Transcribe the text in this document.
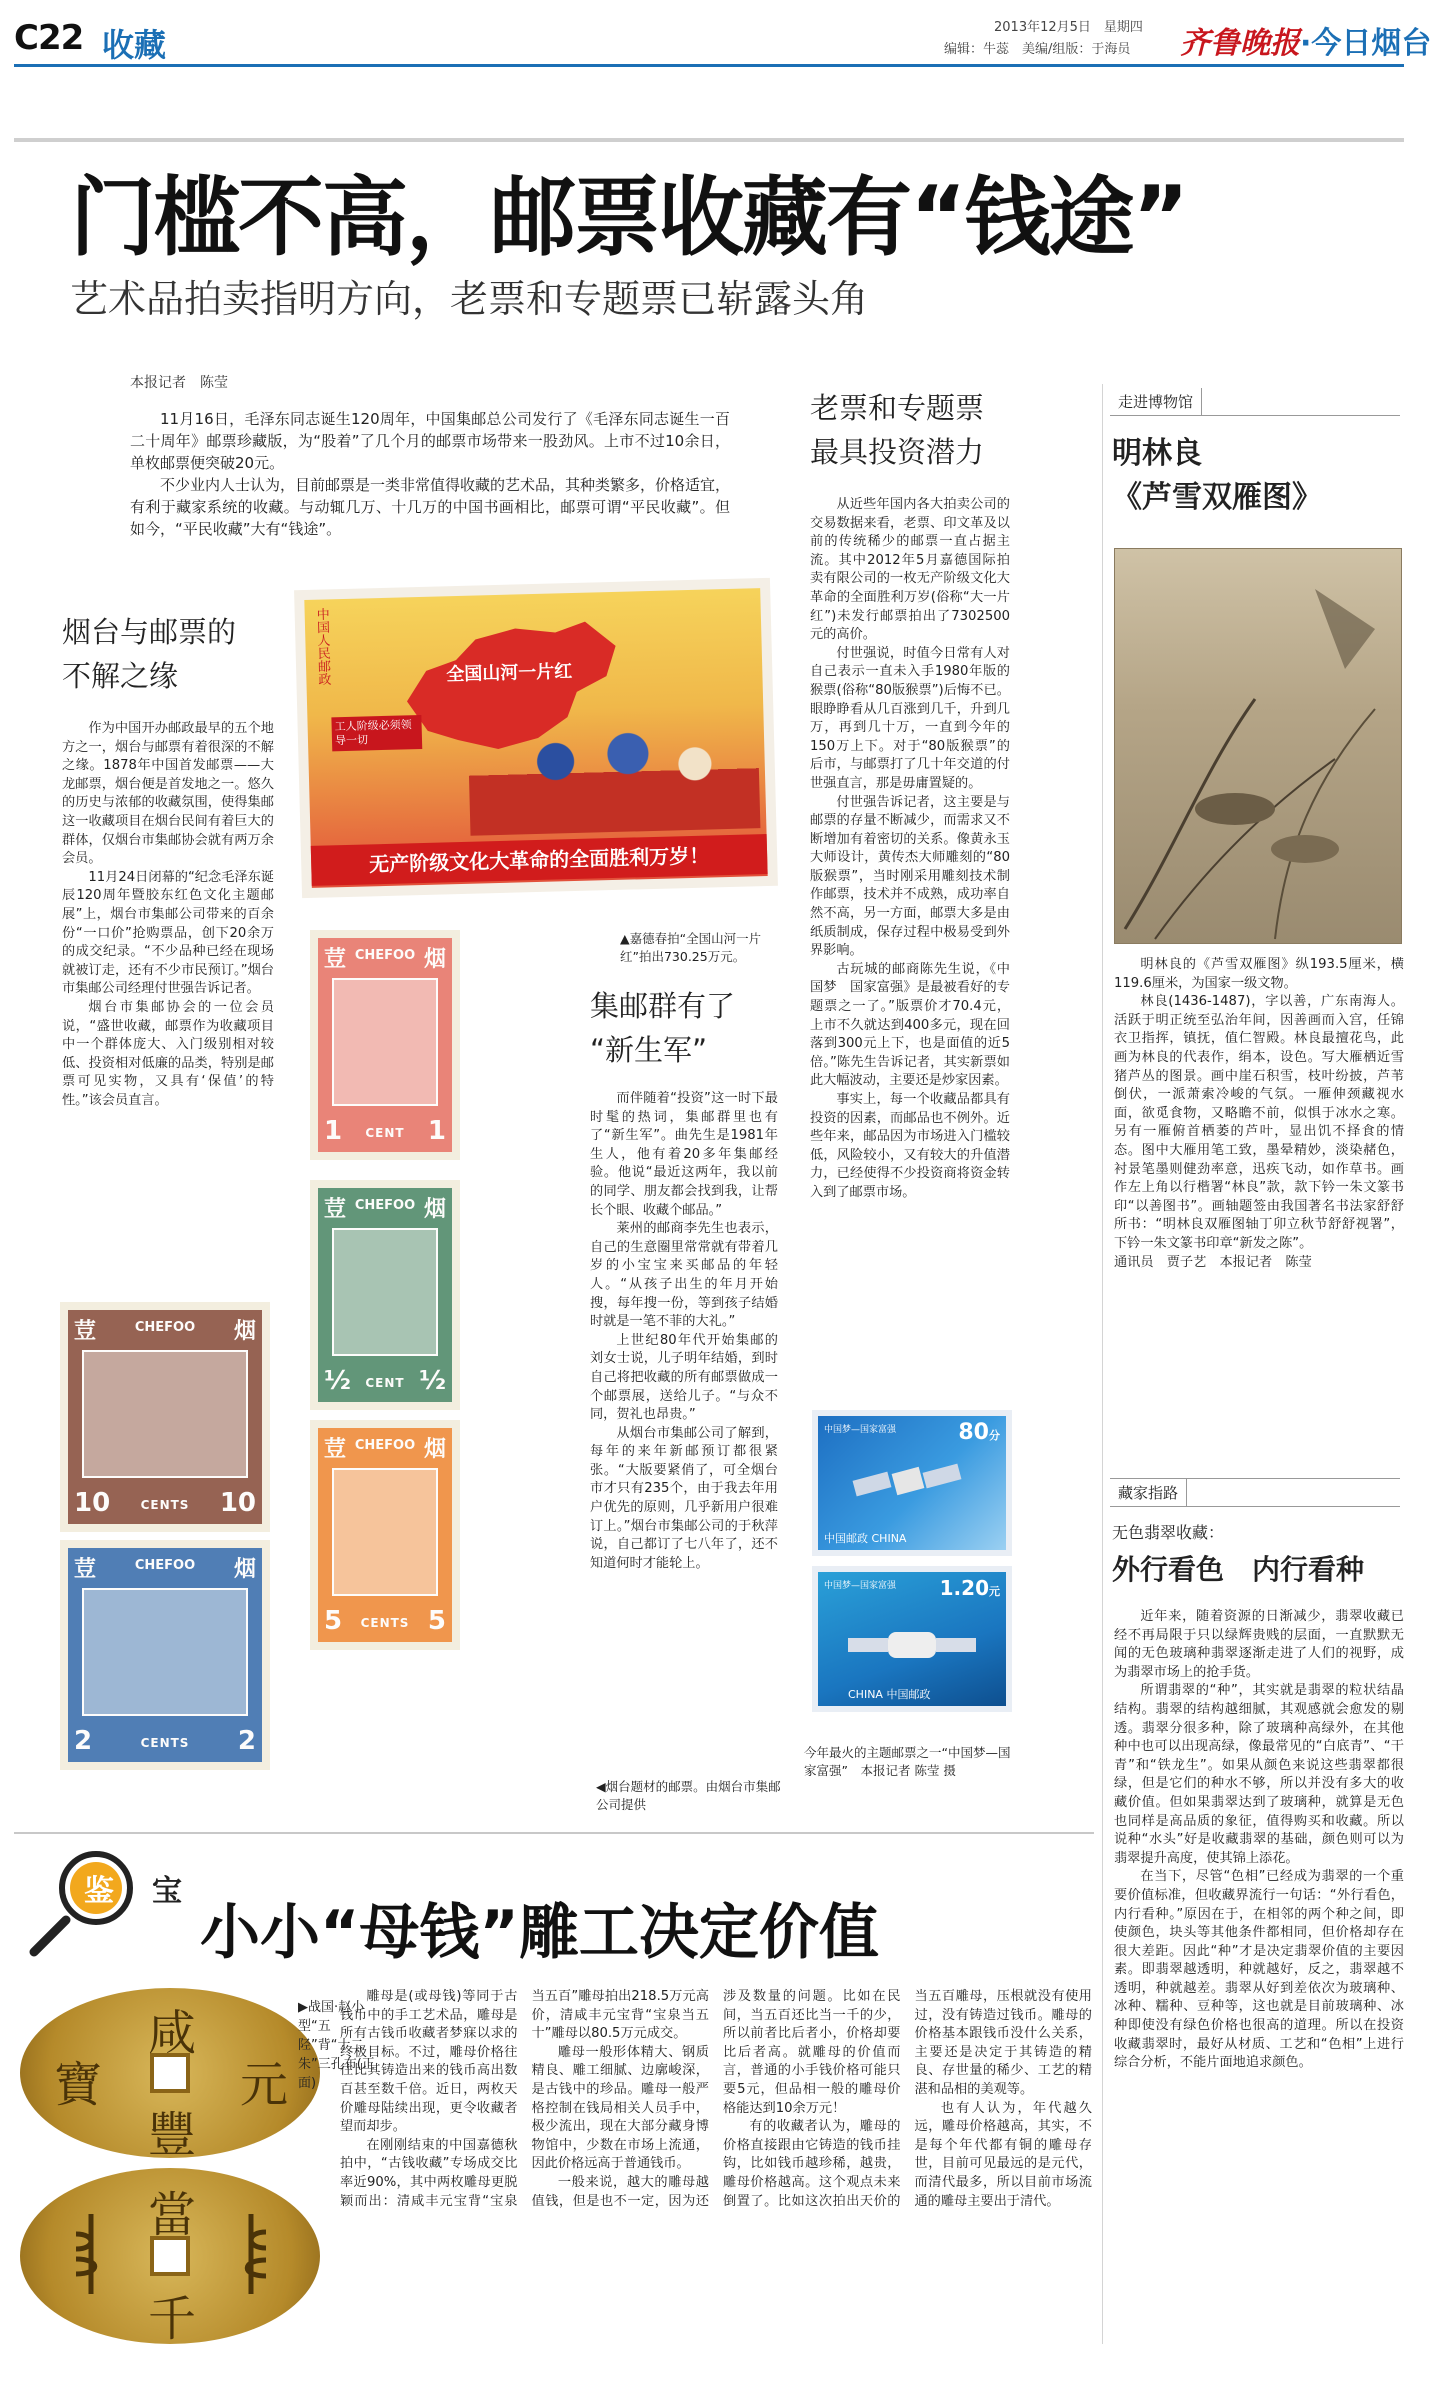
C22 收藏	2013年12月5日　星期四
编辑：牛蕊　美编/组版：于海员 齐鲁晚报·今日烟台
门槛不高，邮票收藏有“钱途”
艺术品拍卖指明方向，老票和专题票已崭露头角
本报记者　陈莹

11月16日，毛泽东同志诞生120周年，中国集邮总公司发行了《毛泽东同志诞生一百二十周年》邮票珍藏版，为“股着”了几个月的邮票市场带来一股劲风。上市不过10余日，单枚邮票便突破20元。

不少业内人士认为，目前邮票是一类非常值得收藏的艺术品，其种类繁多，价格适宜，有利于藏家系统的收藏。与动辄几万、十几万的中国书画相比，邮票可谓“平民收藏”。但如今，“平民收藏”大有“钱途”。

烟台与邮票的
不解之缘

作为中国开办邮政最早的五个地方之一，烟台与邮票有着很深的不解之缘。1878年中国首发邮票——大龙邮票，烟台便是首发地之一。悠久的历史与浓郁的收藏氛围，使得集邮这一收藏项目在烟台民间有着巨大的群体，仅烟台市集邮协会就有两万余会员。

11月24日闭幕的“纪念毛泽东诞辰120周年暨胶东红色文化主题邮展”上，烟台市集邮公司带来的百余份“一口价”抢购票品，创下20余万的成交纪录。“不少品种已经在现场就被订走，还有不少市民预订。”烟台市集邮公司经理付世强告诉记者。

烟台市集邮协会的一位会员说，“盛世收藏，邮票作为收藏项目中一个群体庞大、入门级别相对较低、投资相对低廉的品类，特别是邮票可见实物，又具有‘保值’的特性。”该会员直言。

中国人民邮政	全国山河一片红
工人阶级必须领导一切
无产阶级文化大革命的全面胜利万岁！
▲嘉德春拍“全国山河一片红”拍出730.25万元。
荳	烟
CHEFOO
1	1
CENT
荳	烟
CHEFOO
½	½
CENT
荳	烟
CHEFOO
10	10
CENTS
荳	烟
CHEFOO
2	2
CENTS
荳	烟
CHEFOO
5	5
CENTS
◀烟台题材的邮票。由烟台市集邮公司提供
集邮群有了
“新生军”

而伴随着“投资”这一时下最时髦的热词，集邮群里也有了“新生军”。曲先生是1981年生人，他有着20多年集邮经验。他说“最近这两年，我以前的同学、朋友都会找到我，让帮长个眼、收藏个邮品。”

莱州的邮商李先生也表示，自己的生意圈里常常就有带着几岁的小宝宝来买邮品的年轻人。“从孩子出生的年月开始搜，每年搜一份，等到孩子结婚时就是一笔不菲的大礼。”

上世纪80年代开始集邮的刘女士说，儿子明年结婚，到时自己将把收藏的所有邮票做成一个邮票展，送给儿子。“与众不同，贺礼也昂贵。”

从烟台市集邮公司了解到，每年的来年新邮预订都很紧张。“大版要紧俏了，可全烟台市才只有235个，由于我去年用户优先的原则，几乎新用户很难订上。”烟台市集邮公司的于秋萍说，自己都订了七八年了，还不知道何时才能轮上。

老票和专题票
最具投资潜力

从近些年国内各大拍卖公司的交易数据来看，老票、印文革及以前的传统稀少的邮票一直占据主流。其中2012年5月嘉德国际拍卖有限公司的一枚无产阶级文化大革命的全面胜利万岁(俗称“大一片红”)未发行邮票拍出了7302500元的高价。

付世强说，时值今日常有人对自己表示一直未入手1980年版的猴票(俗称“80版猴票”)后悔不已。眼睁睁看从几百涨到几千，升到几万，再到几十万，一直到今年的150万上下。对于“80版猴票”的后市，与邮票打了几十年交道的付世强直言，那是毋庸置疑的。

付世强告诉记者，这主要是与邮票的存量不断减少，而需求又不断增加有着密切的关系。像黄永玉大师设计，黄传杰大师雕刻的“80版猴票”，当时刚采用雕刻技术制作邮票，技术并不成熟，成功率自然不高，另一方面，邮票大多是由纸质制成，保存过程中极易受到外界影响。

古玩城的邮商陈先生说，《中国梦　国家富强》是最被看好的专题票之一了。”版票价才70.4元，上市不久就达到400多元，现在回落到300元上下，也是面值的近5倍。”陈先生告诉记者，其实新票如此大幅波动，主要还是炒家因素。

事实上，每一个收藏品都具有投资的因素，而邮品也不例外。近些年来，邮品因为市场进入门槛较低，风险较小，又有较大的升值潜力，已经使得不少投资商将资金转入到了邮票市场。

80分
中国邮政 CHINA
中国梦—国家富强
1.20元
CHINA 中国邮政
中国梦—国家富强
今年最火的主题邮票之一“中国梦—国家富强”　本报记者 陈莹 摄
走进博物馆
明林良
《芦雪双雁图》

明林良的《芦雪双雁图》纵193.5厘米，横119.6厘米，为国家一级文物。

林良(1436-1487)，字以善，广东南海人。活跃于明正统至弘治年间，因善画而入宫，任锦衣卫指挥，镇抚，值仁智殿。林良最擅花鸟，此画为林良的代表作，绢本，设色。写大雁栖近雪猪芦丛的图景。画中崖石积雪，枝叶纷披，芦苇倒伏，一派萧索冷峻的气氛。一雁伸颈藏视水面，欲觅食物，又略瞻不前，似惧于冰水之寒。另有一雁俯首栖萎的芦叶，显出饥不择食的情态。图中大雁用笔工致，墨晕精妙，淡染赭色，衬景笔墨则健劲率意，迅疾飞动，如作草书。画作左上角以行楷署“林良”款，款下钤一朱文篆书印“以善图书”。画轴题签由我国著名书法家舒舒所书：“明林良双雁图轴丁卯立秋节舒舒视署”，下钤一朱文篆书印章“新发之陈”。

通讯员　贾子艺　本报记者　陈莹

藏家指路
无色翡翠收藏：
外行看色　内行看种

近年来，随着资源的日渐减少，翡翠收藏已经不再局限于只以绿辉贵贱的层面，一直默默无闻的无色玻璃种翡翠逐渐走进了人们的视野，成为翡翠市场上的抢手货。

所谓翡翠的“种”，其实就是翡翠的粒状结晶结构。翡翠的结构越细腻，其观感就会愈发的剔透。翡翠分很多种，除了玻璃种高绿外，在其他种中也可以出现高绿，像最常见的“白底青”、“干青”和“铁龙生”。如果从颜色来说这些翡翠都很绿，但是它们的种水不够，所以并没有多大的收藏价值。但如果翡翠达到了玻璃种，就算是无色也同样是高品质的象征，值得购买和收藏。所以说种“水头”好是收藏翡翠的基础，颜色则可以为翡翠提升高度，使其锦上添花。

在当下，尽管“色相”已经成为翡翠的一个重要价值标准，但收藏界流行一句话：“外行看色，内行看种。”原因在于，在相邻的两个种之间，即使颜色，块头等其他条件都相同，但价格却存在很大差距。因此“种”才是决定翡翠价值的主要因素。即翡翠越透明，种就越好，反之，翡翠越不透明，种就越差。翡翠从好到差依次为玻璃种、冰种、糯种、豆种等，这也就是目前玻璃种、冰种即使没有绿色价格也很高的道理。所以在投资收藏翡翠时，最好从材质、工艺和“色相”上进行综合分析，不能片面地追求颜色。

鉴 宝
小小“母钱”雕工决定价值
咸
元
豐
寶
當
千
▶战国·赵小型“五陉”背“十二朱”三孔布(正面)

雕母是(或母钱)等同于古钱币中的手工艺术品，雕母是所有古钱币收藏者梦寐以求的终极目标。不过，雕母价格往往比其铸造出来的钱币高出数百甚至数千倍。近日，两枚天价雕母陆续出现，更令收藏者望而却步。

在刚刚结束的中国嘉德秋拍中，“古钱收藏”专场成交比率近90%，其中两枚雕母更脱颖而出：清咸丰元宝背“宝泉当五百”雕母拍出218.5万元高价，清咸丰元宝背“宝泉当五十”雕母以80.5万元成交。

雕母一般形体精大、钢质精良、雕工细腻、边廓峻深，是古钱中的珍品。雕母一般严格控制在钱局相关人员手中，极少流出，现在大部分藏身博物馆中，少数在市场上流通，因此价格远高于普通钱币。

一般来说，越大的雕母越值钱，但是也不一定，因为还涉及数量的问题。比如在民间，当五百还比当一千的少，所以前者比后者小，价格却要比后者高。就雕母的价值而言，普通的小手钱价格可能只要5元，但品相一般的雕母价格能达到10余万元！

有的收藏者认为，雕母的价格直接跟由它铸造的钱币挂钩，比如钱币越珍稀，越贵，雕母价格越高。这个观点未来倒置了。比如这次拍出天价的当五百雕母，压根就没有使用过，没有铸造过钱币。雕母的价格基本跟钱币没什么关系，主要还是决定于其铸造的精良、存世量的稀少、工艺的精湛和品相的美观等。

也有人认为，年代越久远，雕母价格越高，其实，不是每个年代都有铜的雕母存世，目前可见最远的是元代，而清代最多，所以目前市场流通的雕母主要出于清代。
